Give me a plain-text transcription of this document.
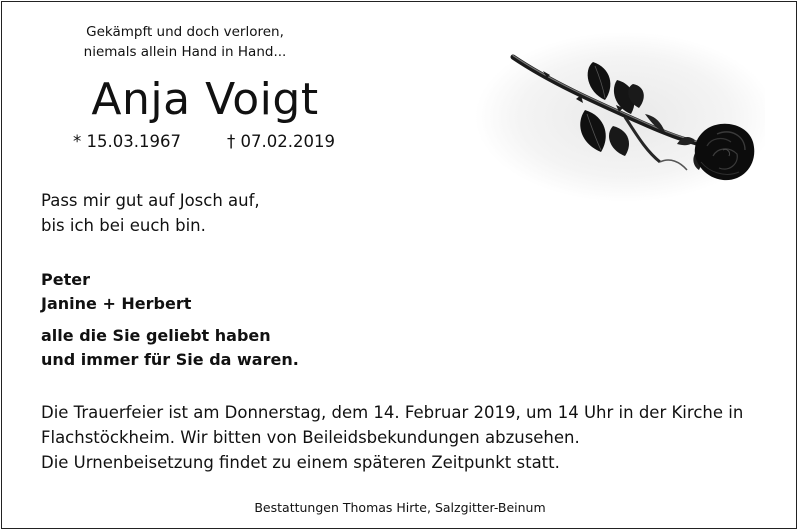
Gekämpft und doch verloren,
niemals allein Hand in Hand...
Anja Voigt
* 15.03.1967	† 07.02.2019
Pass mir gut auf Josch auf,
bis ich bei euch bin.
Peter
Janine + Herbert
alle die Sie geliebt haben
und immer für Sie da waren.
Die Trauerfeier ist am Donnerstag, dem 14. Februar 2019, um 14 Uhr in der Kirche in
Flachstöckheim. Wir bitten von Beileidsbekundungen abzusehen.
Die Urnenbeisetzung findet zu einem späteren Zeitpunkt statt.
Bestattungen Thomas Hirte, Salzgitter-Beinum
